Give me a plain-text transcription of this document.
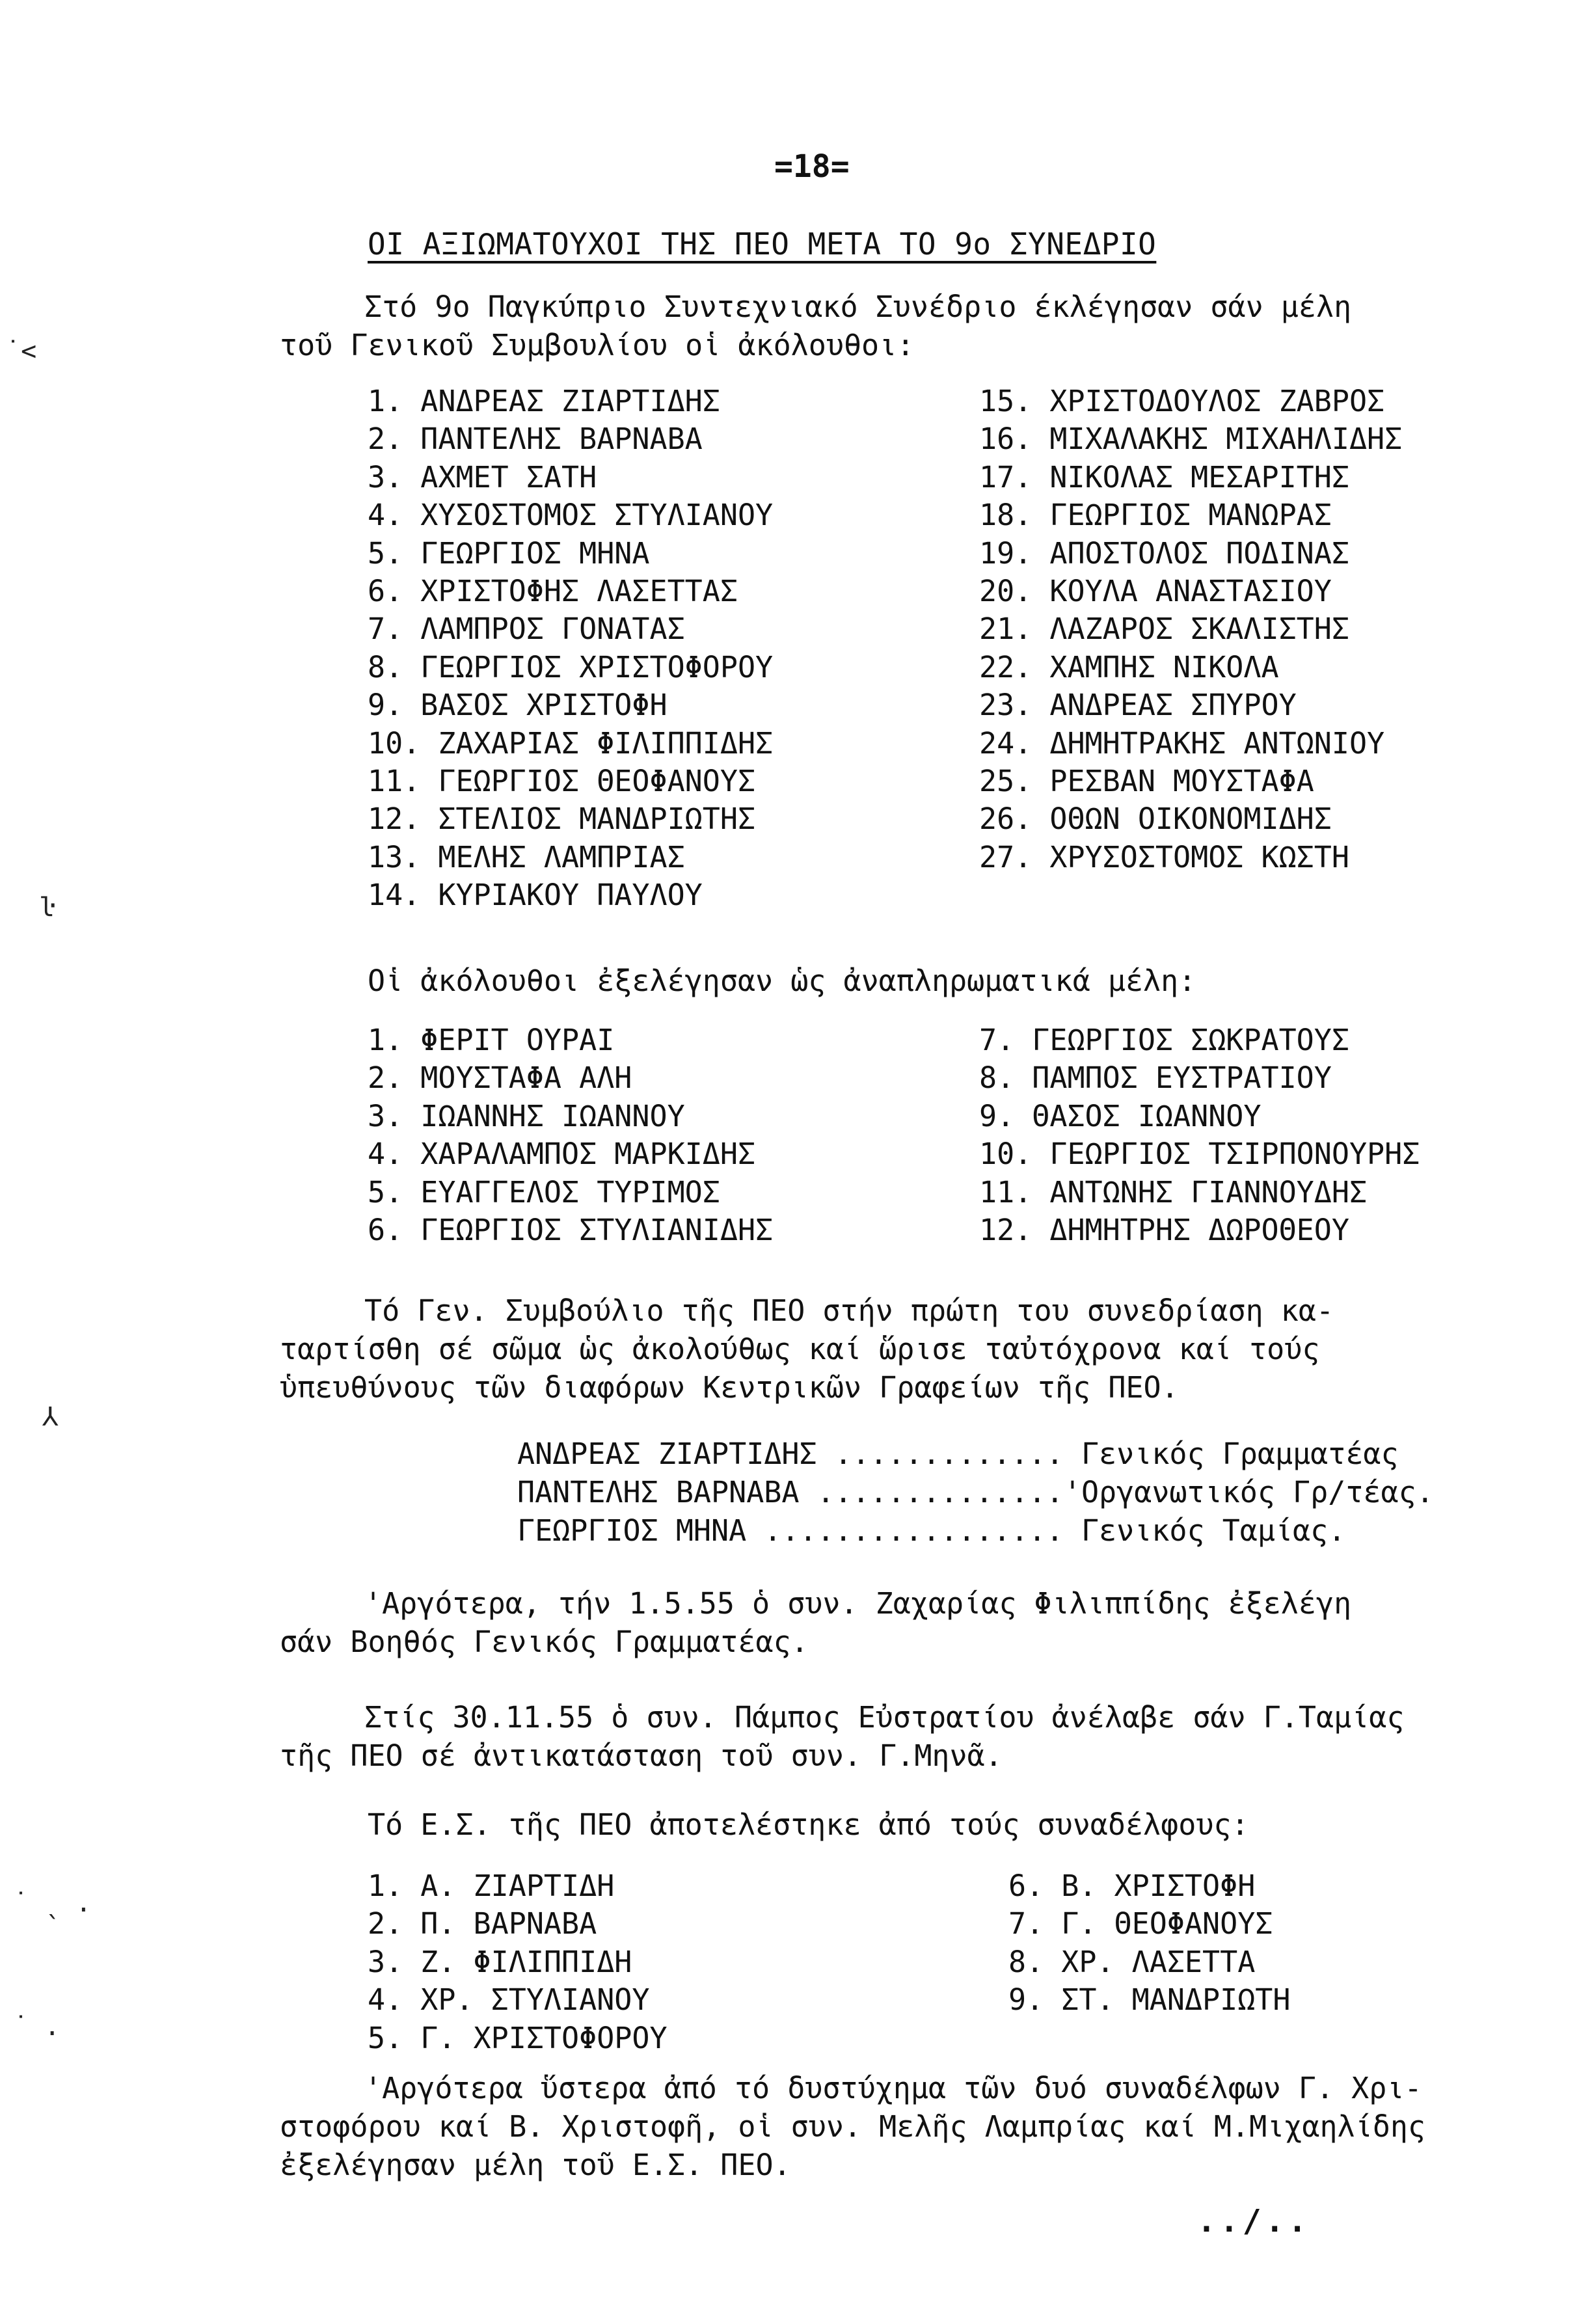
=18=
ΟΙ ΑΞΙΩΜΑΤΟΥΧΟΙ ΤΗΣ ΠΕΟ ΜΕΤΑ ΤΟ 9ο ΣΥΝΕΔΡΙΟ
Στό 9ο Παγκύπριο Συντεχνιακό Συνέδριο έκλέγησαν σάν μέλη
τοῦ Γενικοῦ Συμβουλίου οἱ ἀκόλουθοι:
1. ΑΝΔΡΕΑΣ ΖΙΑΡΤΙΔΗΣ
2. ΠΑΝΤΕΛΗΣ ΒΑΡΝΑΒΑ
3. ΑΧΜΕΤ ΣΑΤΗ
4. ΧΥΣΟΣΤΟΜΟΣ ΣΤΥΛΙΑΝΟΥ
5. ΓΕΩΡΓΙΟΣ ΜΗΝΑ
6. ΧΡΙΣΤΟΦΗΣ ΛΑΣΕΤΤΑΣ
7. ΛΑΜΠΡΟΣ ΓΟΝΑΤΑΣ
8. ΓΕΩΡΓΙΟΣ ΧΡΙΣΤΟΦΟΡΟΥ
9. ΒΑΣΟΣ ΧΡΙΣΤΟΦΗ
10. ΖΑΧΑΡΙΑΣ ΦΙΛΙΠΠΙΔΗΣ
11. ΓΕΩΡΓΙΟΣ ΘΕΟΦΑΝΟΥΣ
12. ΣΤΕΛΙΟΣ ΜΑΝΔΡΙΩΤΗΣ
13. ΜΕΛΗΣ ΛΑΜΠΡΙΑΣ
14. ΚΥΡΙΑΚΟΥ ΠΑΥΛΟΥ
15. ΧΡΙΣΤΟΔΟΥΛΟΣ ΖΑΒΡΟΣ
16. ΜΙΧΑΛΑΚΗΣ ΜΙΧΑΗΛΙΔΗΣ
17. ΝΙΚΟΛΑΣ ΜΕΣΑΡΙΤΗΣ
18. ΓΕΩΡΓΙΟΣ ΜΑΝΩΡΑΣ
19. ΑΠΟΣΤΟΛΟΣ ΠΟΔΙΝΑΣ
20. ΚΟΥΛΑ ΑΝΑΣΤΑΣΙΟΥ
21. ΛΑΖΑΡΟΣ ΣΚΑΛΙΣΤΗΣ
22. ΧΑΜΠΗΣ ΝΙΚΟΛΑ
23. ΑΝΔΡΕΑΣ ΣΠΥΡΟΥ
24. ΔΗΜΗΤΡΑΚΗΣ ΑΝΤΩΝΙΟΥ
25. ΡΕΣΒΑΝ ΜΟΥΣΤΑΦΑ
26. ΟΘΩΝ ΟΙΚΟΝΟΜΙΔΗΣ
27. ΧΡΥΣΟΣΤΟΜΟΣ ΚΩΣΤΗ
Οἱ ἀκόλουθοι ἐξελέγησαν ὡς ἀναπληρωματικά μέλη:
1. ΦΕΡΙΤ ΟΥΡΑΙ
2. ΜΟΥΣΤΑΦΑ ΑΛΗ
3. ΙΩΑΝΝΗΣ ΙΩΑΝΝΟΥ
4. ΧΑΡΑΛΑΜΠΟΣ ΜΑΡΚΙΔΗΣ
5. ΕΥΑΓΓΕΛΟΣ ΤΥΡΙΜΟΣ
6. ΓΕΩΡΓΙΟΣ ΣΤΥΛΙΑΝΙΔΗΣ
7. ΓΕΩΡΓΙΟΣ ΣΩΚΡΑΤΟΥΣ
8. ΠΑΜΠΟΣ ΕΥΣΤΡΑΤΙΟΥ
9. ΘΑΣΟΣ ΙΩΑΝΝΟΥ
10. ΓΕΩΡΓΙΟΣ ΤΣΙΡΠΟΝΟΥΡΗΣ
11. ΑΝΤΩΝΗΣ ΓΙΑΝΝΟΥΔΗΣ
12. ΔΗΜΗΤΡΗΣ ΔΩΡΟΘΕΟΥ
Τό Γεν. Συμβούλιο τῆς ΠΕΟ στήν πρώτη του συνεδρίαση κα-
ταρτίσθη σέ σῶμα ὡς ἀκολούθως καί ὥρισε ταὐτόχρονα καί τούς
ὑπευθύνους τῶν διαφόρων Κεντρικῶν Γραφείων τῆς ΠΕΟ.
ΑΝΔΡΕΑΣ ΖΙΑΡΤΙΔΗΣ ............. Γενικός Γραμματέας
ΠΑΝΤΕΛΗΣ ΒΑΡΝΑΒΑ ..............'Οργανωτικός Γρ/τέας.
ΓΕΩΡΓΙΟΣ ΜΗΝΑ ................. Γενικός Ταμίας.
'Αργότερα, τήν 1.5.55 ὁ συν. Ζαχαρίας Φιλιππίδης ἐξελέγη
σάν Βοηθός Γενικός Γραμματέας.
Στίς 30.11.55 ὁ συν. Πάμπος Εὐστρατίου ἀνέλαβε σάν Γ.Ταμίας
τῆς ΠΕΟ σέ ἀντικατάσταση τοῦ συν. Γ.Μηνᾶ.
Τό Ε.Σ. τῆς ΠΕΟ ἀποτελέστηκε ἀπό τούς συναδέλφους:
1. Α. ΖΙΑΡΤΙΔΗ
2. Π. ΒΑΡΝΑΒΑ
3. Ζ. ΦΙΛΙΠΠΙΔΗ
4. ΧΡ. ΣΤΥΛΙΑΝΟΥ
5. Γ. ΧΡΙΣΤΟΦΟΡΟΥ
6. Β. ΧΡΙΣΤΟΦΗ
7. Γ. ΘΕΟΦΑΝΟΥΣ
8. ΧΡ. ΛΑΣΕΤΤΑ
9. ΣΤ. ΜΑΝΔΡΙΩΤΗ
'Αργότερα ὕστερα ἀπό τό δυστύχημα τῶν δυό συναδέλφων Γ. Χρι-
στοφόρου καί Β. Χριστοφῆ, οἱ συν. Μελῆς Λαμπρίας καί Μ.Μιχαηλίδης
ἐξελέγησαν μέλη τοῦ Ε.Σ. ΠΕΟ.
../..
˙<
ŀ
⅄
˙ ˎ .
˙ .
